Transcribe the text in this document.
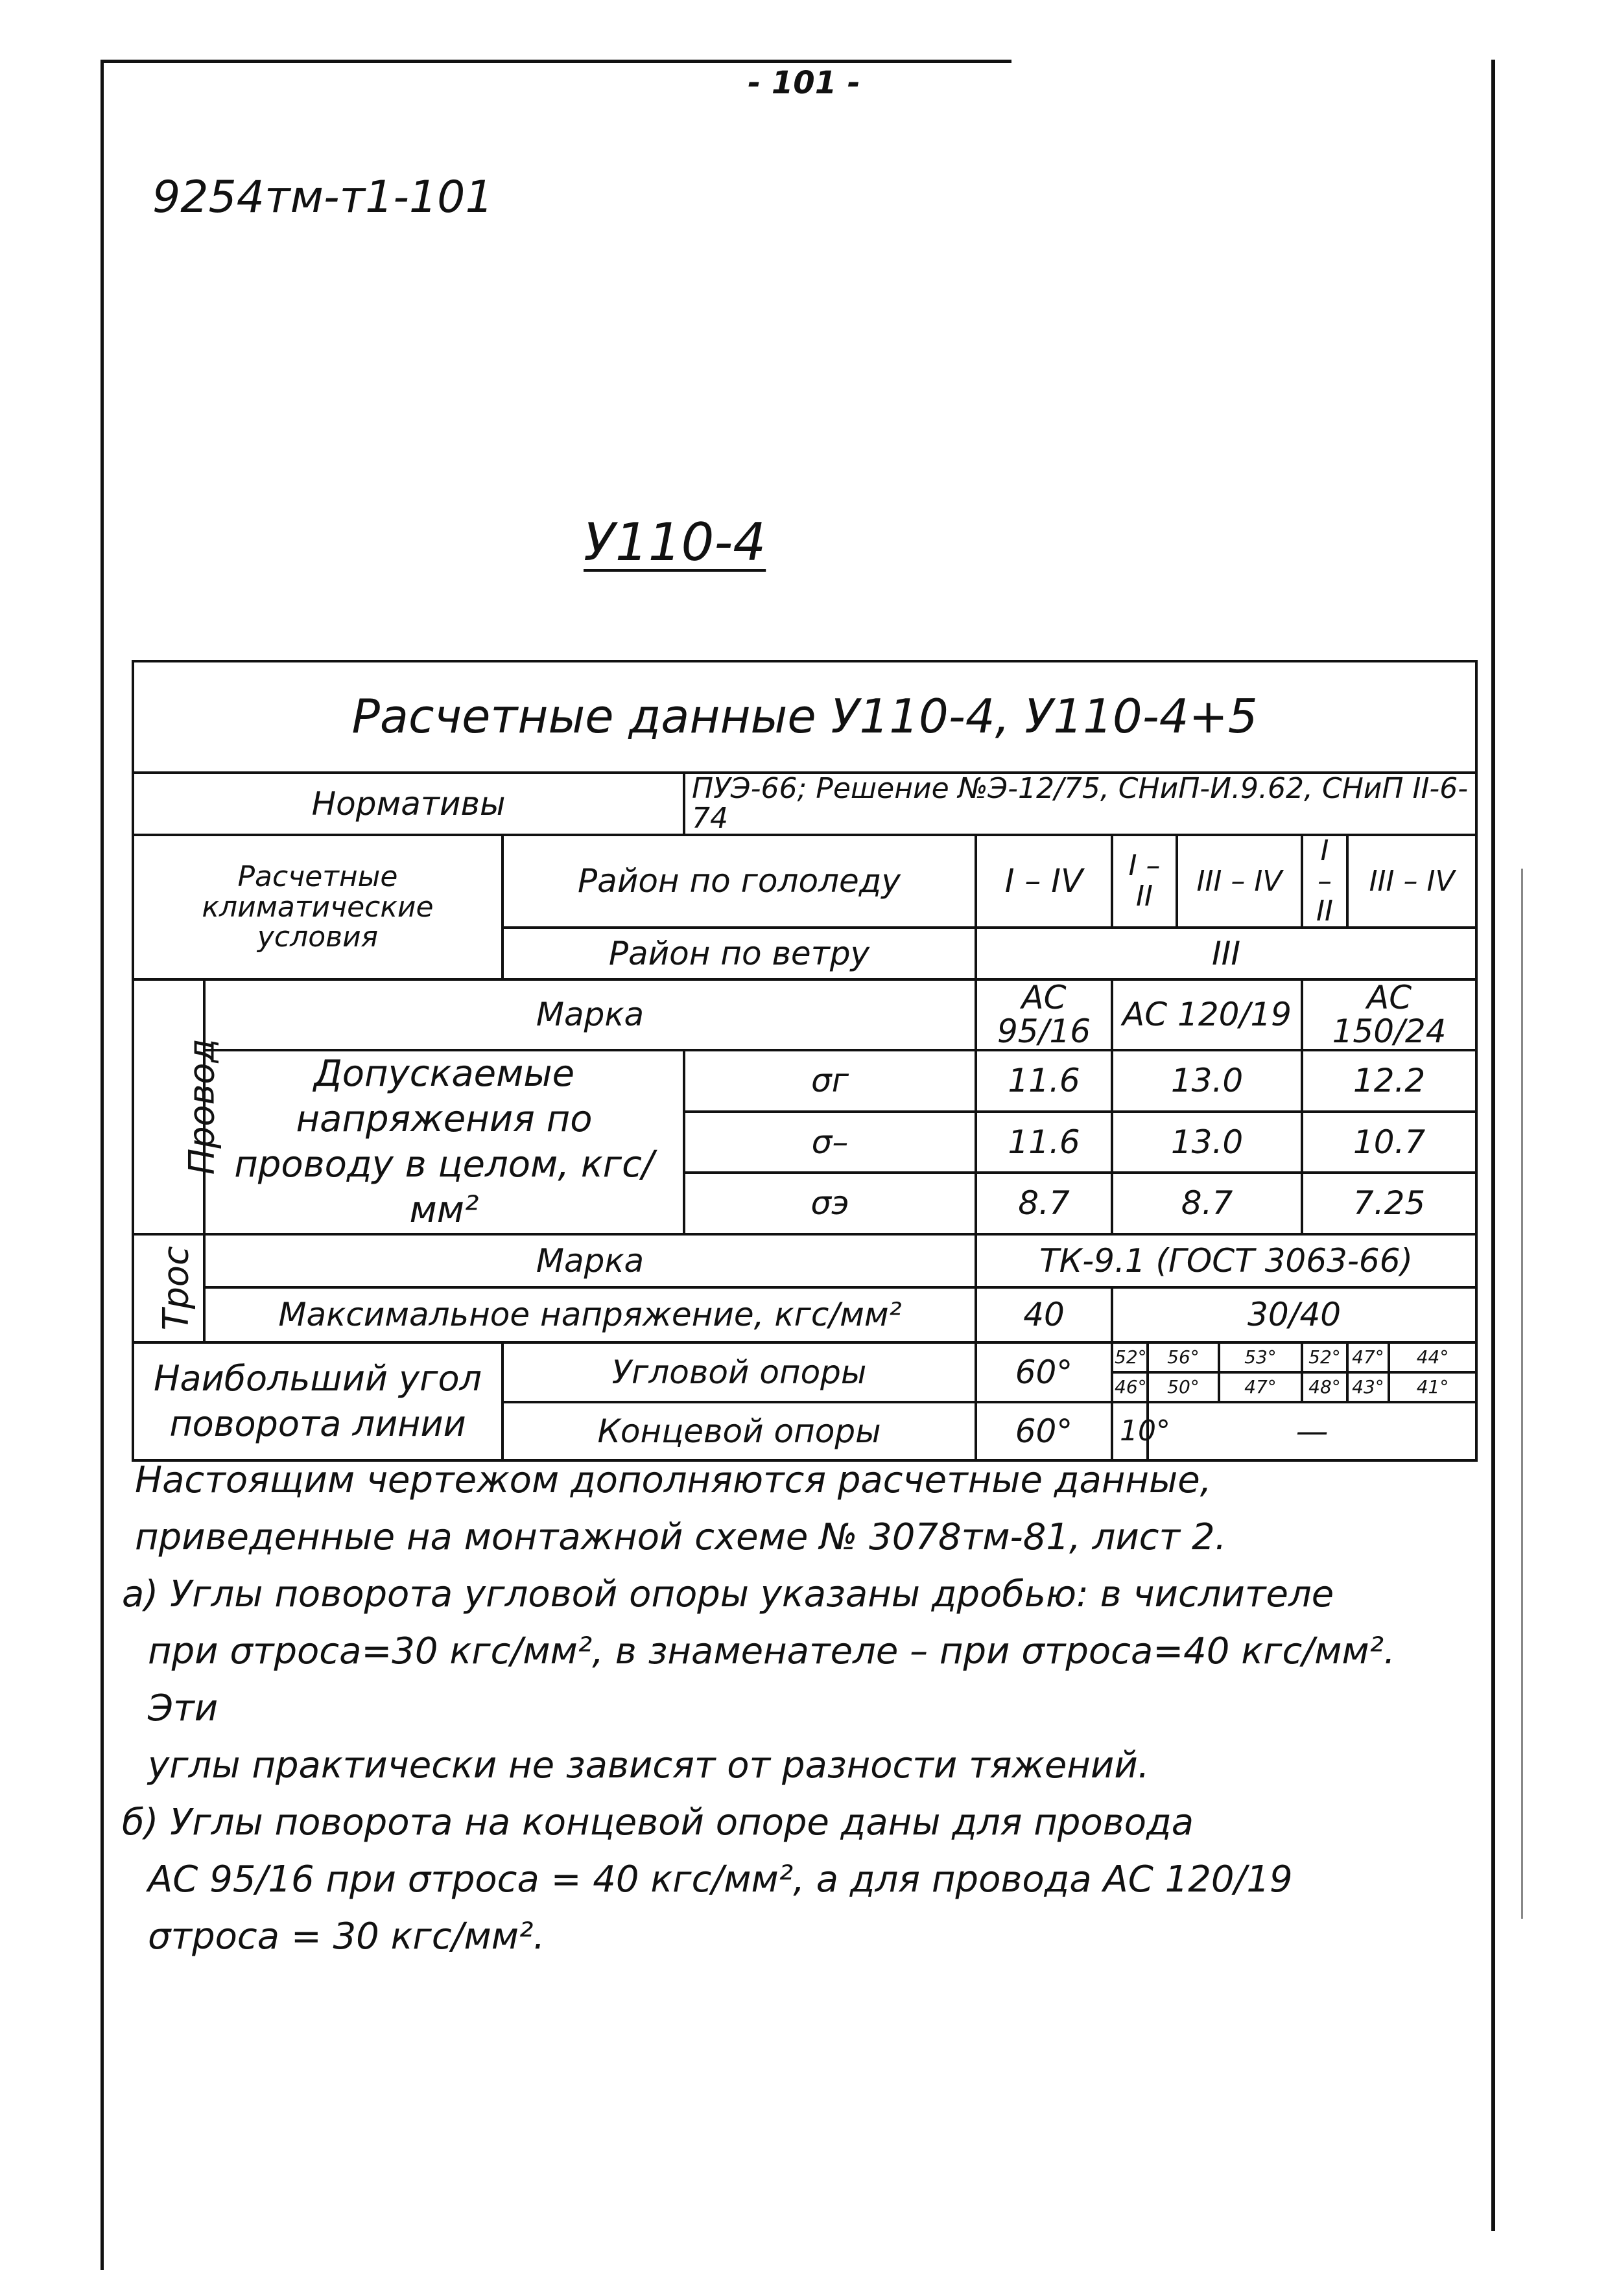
- 101 -
9254тм-т1-101
У110-4
Расчетные данные У110-4, У110-4+5											
Нормативы			ПУЭ-66; Решение №Э-12/75, СНиП-И.9.62, СНиП II-6-74								
Расчетные климатические условия		Район по гололеду		I – IV	I – II		III – IV		I – II	III – IV	
		Район по ветру		III							
Провод	Марка			АС 95/16	АС 120/19				АС 150/24		
	Допускаемые напряжения по проводу в целом, кгс/мм²		σг	11.6	13.0				12.2		
			σ–	11.6	13.0				10.7		
			σэ	8.7	8.7				7.25		
Трос	Марка			ТК-9.1 (ГОСТ 3063-66)							
	Максимальное напряжение, кгс/мм²			40	30/40						
Наибольший угол поворота линии		Угловой опоры		60°	52°	56°		53°	52°	47°	44°
					46°	50°		47°	48°	43°	41°
		Концевой опоры		60°	10°	—					

Настоящим чертежом дополняются расчетные данные,

приведенные на монтажной схеме № 3078тм-81, лист 2.

а) Углы поворота угловой опоры указаны дробью: в числителе

при σтроса=30 кгс/мм², в знаменателе – при σтроса=40 кгс/мм². Эти

углы практически не зависят от разности тяжений.

б) Углы поворота на концевой опоре даны для провода

АС 95/16 при σтроса = 40 кгс/мм², а для провода АС 120/19

σтроса = 30 кгс/мм².
